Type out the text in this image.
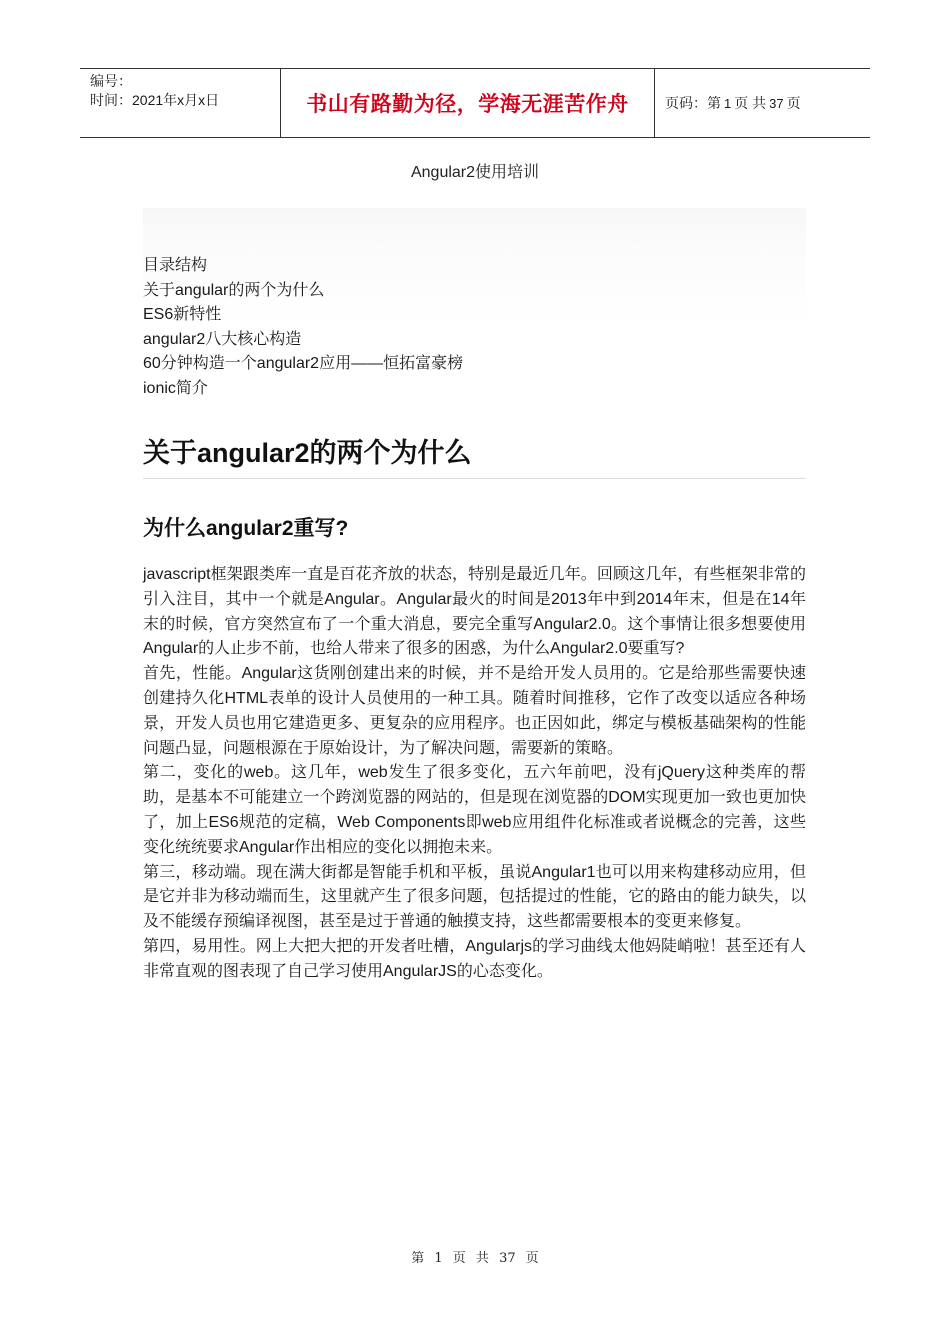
编号：
时间：2021年x月x日	书山有路勤为径，学海无涯苦作舟	页码：第 1 页 共 37 页
Angular2使用培训
目录结构
关于angular的两个为什么
ES6新特性
angular2八大核心构造
60分钟构造一个angular2应用——恒拓富豪榜
ionic简介
关于angular2的两个为什么
为什么angular2重写?

javascript框架跟类库一直是百花齐放的状态，特别是最近几年。回顾这几年，有些框架非常的引入注目，其中一个就是Angular。Angular最火的时间是2013年中到2014年末，但是在14年末的时候，官方突然宣布了一个重大消息，要完全重写Angular2.0。这个事情让很多想要使用Angular的人止步不前，也给人带来了很多的困惑，为什么Angular2.0要重写?

首先，性能。Angular这货刚创建出来的时候，并不是给开发人员用的。它是给那些需要快速创建持久化HTML表单的设计人员使用的一种工具。随着时间推移，它作了改变以适应各种场景，开发人员也用它建造更多、更复杂的应用程序。也正因如此，绑定与模板基础架构的性能问题凸显，问题根源在于原始设计，为了解决问题，需要新的策略。

第二，变化的web。这几年，web发生了很多变化，五六年前吧，没有jQuery这种类库的帮助，是基本不可能建立一个跨浏览器的网站的，但是现在浏览器的DOM实现更加一致也更加快了，加上ES6规范的定稿，Web Components即web应用组件化标准或者说概念的完善，这些变化统统要求Angular作出相应的变化以拥抱未来。

第三，移动端。现在满大街都是智能手机和平板，虽说Angular1也可以用来构建移动应用，但是它并非为移动端而生，这里就产生了很多问题，包括提过的性能，它的路由的能力缺失，以及不能缓存预编译视图，甚至是过于普通的触摸支持，这些都需要根本的变更来修复。

第四，易用性。网上大把大把的开发者吐槽，Angularjs的学习曲线太他妈陡峭啦！甚至还有人非常直观的图表现了自己学习使用AngularJS的心态变化。

第 1 页 共 37 页
